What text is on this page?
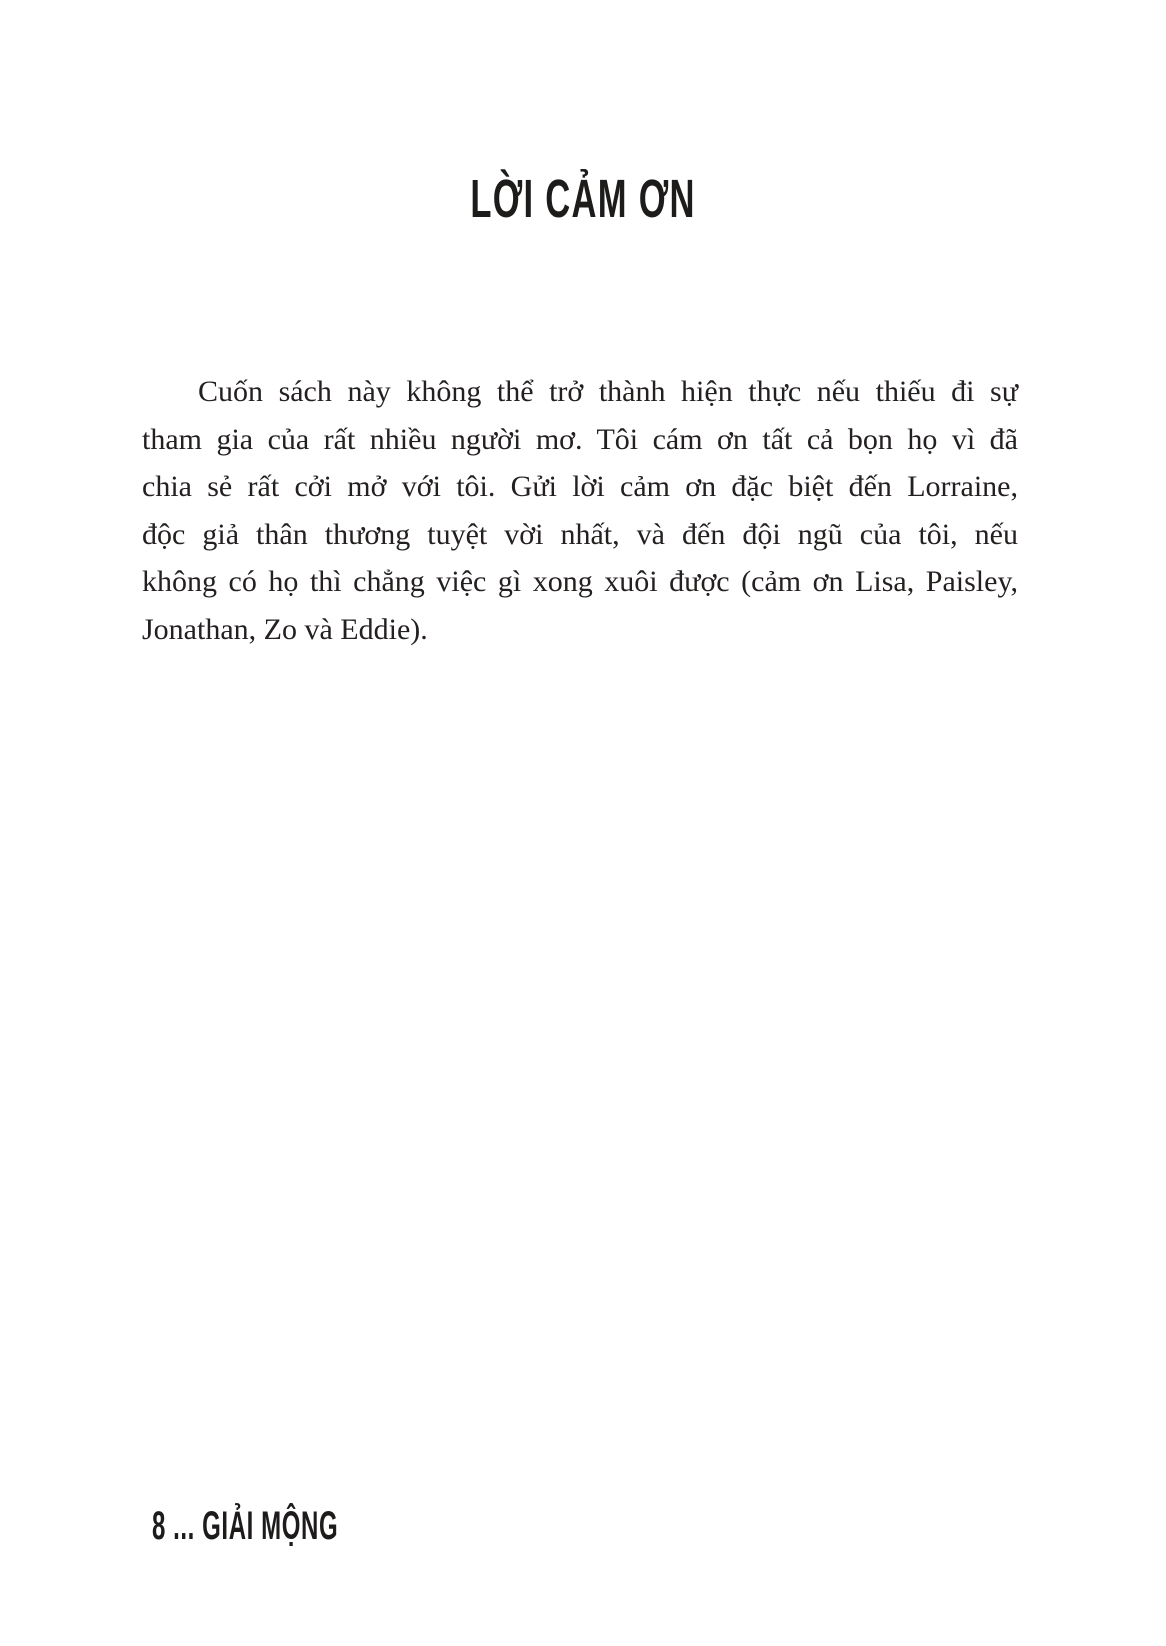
LỜI CẢM ƠN
Cuốn sách này không thể trở thành hiện thực nếu thiếu đi sự
tham gia của rất nhiều người mơ. Tôi cám ơn tất cả bọn họ vì đã
chia sẻ rất cởi mở với tôi. Gửi lời cảm ơn đặc biệt đến Lorraine,
độc giả thân thương tuyệt vời nhất, và đến đội ngũ của tôi, nếu
không có họ thì chẳng việc gì xong xuôi được (cảm ơn Lisa, Paisley,
Jonathan, Zo và Eddie).
8 ... GIẢI MỘNG
